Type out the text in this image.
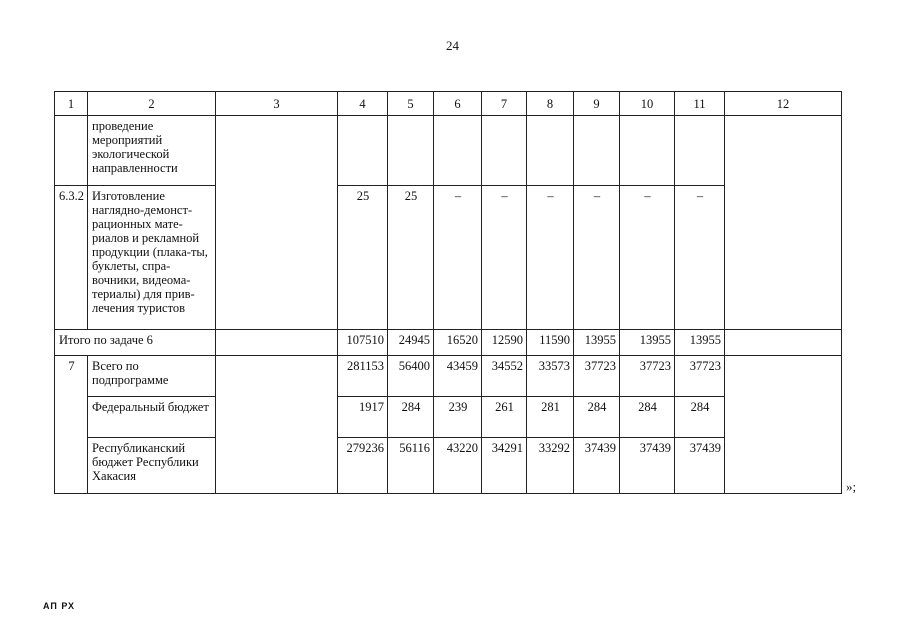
24
1	2	3	4	5	6	7	8	9	10	11	12
	проведение мероприятий экологической направленности										
6.3.2	Изготовление наглядно-демонст-рационных мате-риалов и рекламной продукции (плака-ты, буклеты, спра-вочники, видеома-териалы) для прив-лечения туристов		25	25	–	–	–	–	–	–	
Итого по задаче 6			107510	24945	16520	12590	11590	13955	13955	13955	
7	Всего по подпрограмме		281153	56400	43459	34552	33573	37723	37723	37723	
	Федеральный бюджет		1917	284	239	261	281	284	284	284	
	Республиканский бюджет Республики Хакасия		279236	56116	43220	34291	33292	37439	37439	37439	
»;
АП РХ
